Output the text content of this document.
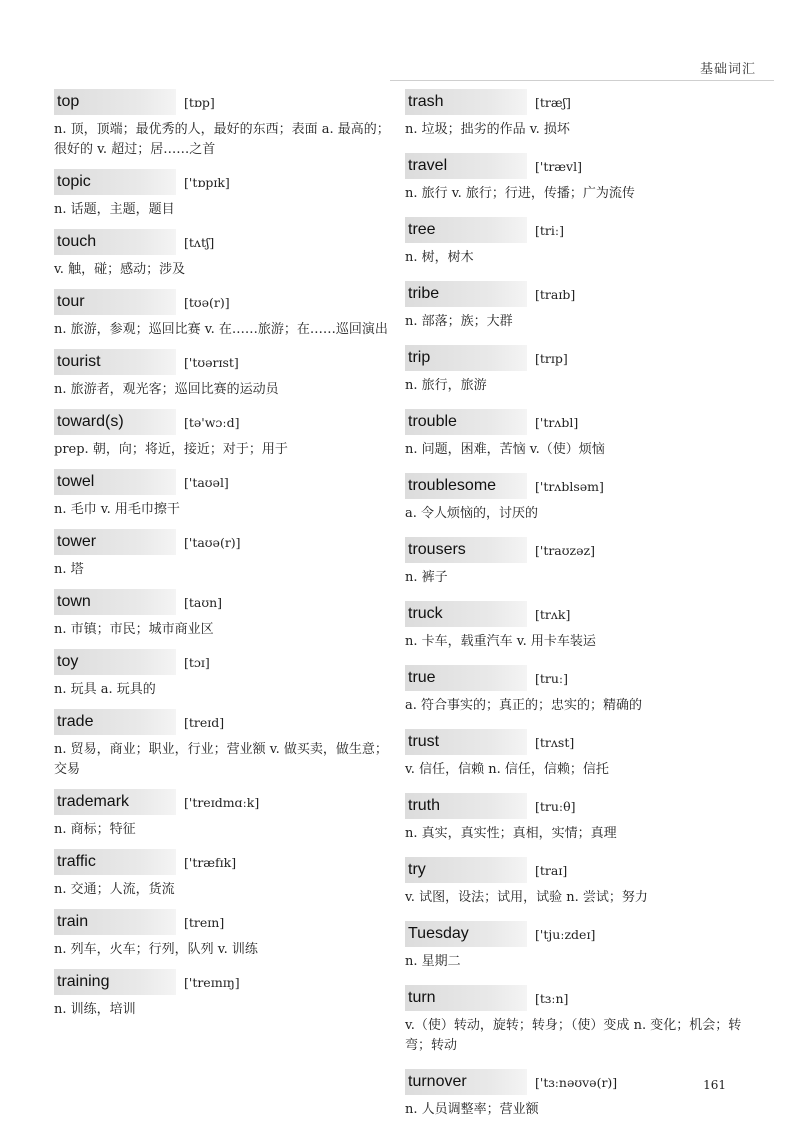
基础词汇
top	[tɒp]
n. 顶，顶端；最优秀的人，最好的东西；表面 a. 最高的；很好的 v. 超过；居……之首
topic	['tɒpɪk]
n. 话题，主题，题目
touch	[tʌtʃ]
v. 触，碰；感动；涉及
tour	[tʊə(r)]
n. 旅游，参观；巡回比赛 v. 在……旅游；在……巡回演出
tourist	['tʊərɪst]
n. 旅游者，观光客；巡回比赛的运动员
toward(s)	[tə'wɔːd]
prep. 朝，向；将近，接近；对于；用于
towel	['taʊəl]
n. 毛巾 v. 用毛巾擦干
tower	['taʊə(r)]
n. 塔
town	[taʊn]
n. 市镇；市民；城市商业区
toy	[tɔɪ]
n. 玩具 a. 玩具的
trade	[treɪd]
n. 贸易，商业；职业，行业；营业额 v. 做买卖，做生意；交易
trademark	['treɪdmɑːk]
n. 商标；特征
traffic	['træfɪk]
n. 交通；人流，货流
train	[treɪn]
n. 列车，火车；行列，队列 v. 训练
training	['treɪnɪŋ]
n. 训练，培训
trash	[træʃ]
n. 垃圾；拙劣的作品 v. 损坏
travel	['trævl]
n. 旅行 v. 旅行；行进，传播；广为流传
tree	[triː]
n. 树，树木
tribe	[traɪb]
n. 部落；族；大群
trip	[trɪp]
n. 旅行，旅游
trouble	['trʌbl]
n. 问题，困难，苦恼 v.（使）烦恼
troublesome	['trʌblsəm]
a. 令人烦恼的，讨厌的
trousers	['traʊzəz]
n. 裤子
truck	[trʌk]
n. 卡车，载重汽车 v. 用卡车装运
true	[truː]
a. 符合事实的；真正的；忠实的；精确的
trust	[trʌst]
v. 信任，信赖 n. 信任，信赖；信托
truth	[truːθ]
n. 真实，真实性；真相，实情；真理
try	[traɪ]
v. 试图，设法；试用，试验 n. 尝试；努力
Tuesday	['tjuːzdeɪ]
n. 星期二
turn	[tɜːn]
v.（使）转动，旋转；转身；（使）变成 n. 变化；机会；转弯；转动
turnover	['tɜːnəʊvə(r)]
n. 人员调整率；营业额
161
